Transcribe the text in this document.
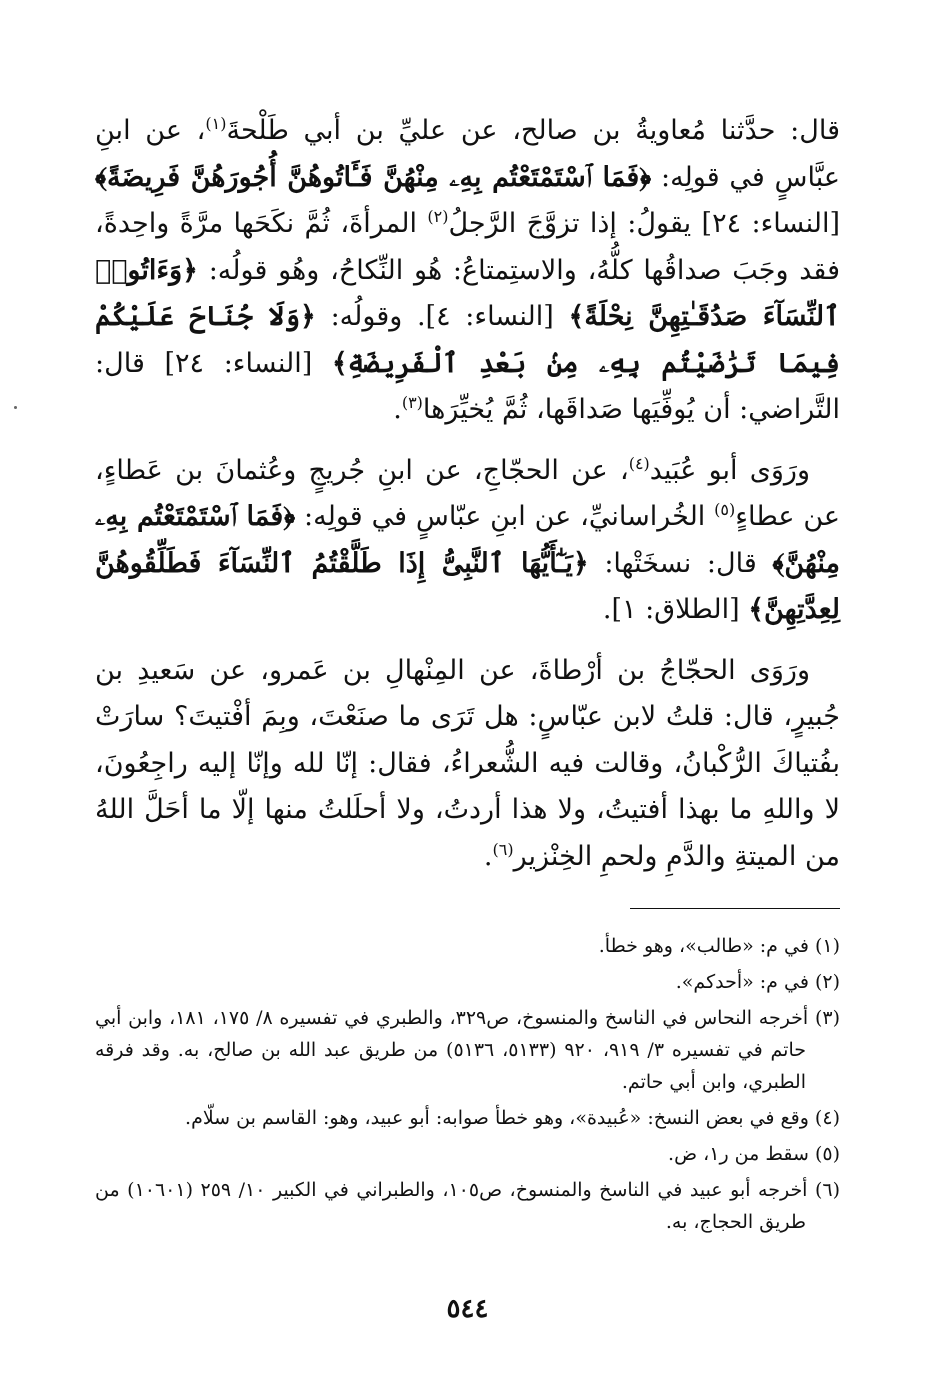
قال: حدَّثنا مُعاويةُ بن صالح، عن عليِّ بن أبي طَلْحةَ$^{(١)}$، عن ابنِ عبَّاسٍ في قولِه: ﴿فَمَا ٱسْتَمْتَعْتُم بِهِۦ مِنْهُنَّ فَـَٔاتُوهُنَّ أُجُورَهُنَّ فَرِيضَةً﴾ [النساء: ٢٤] يقولُ: إذا تزوَّجَ الرَّجلُ$^{(٢)}$ المرأةَ، ثُمَّ نكَحَها مرَّةً واحِدةً، فقد وجَبَ صداقُها كلُّهُ، والاستِمتاعُ: هُو النِّكاحُ، وهُو قولُه: ﴿وَءَاتُوا۟ ٱلنِّسَآءَ صَدُقَـٰتِهِنَّ نِحْلَةً﴾ [النساء: ٤]. وقولُه: ﴿وَلَا جُنَاحَ عَلَيْكُمْ فِيمَا تَرَٰضَيْتُم بِهِۦ مِنۢ بَعْدِ ٱلْفَرِيضَةِ﴾ [النساء: ٢٤] قال: التَّراضي: أن يُوفِّيَها صَداقَها، ثُمَّ يُخيِّرَها$^{(٣)}$.

ورَوَى أبو عُبَيد$^{(٤)}$، عن الحجّاجِ، عن ابنِ جُريجٍ وعُثمانَ بن عَطاءٍ، عن عطاءٍ$^{(٥)}$ الخُراسانيِّ، عن ابنِ عبّاسٍ في قولِه: ﴿فَمَا ٱسْتَمْتَعْتُم بِهِۦ مِنْهُنَّ﴾ قال: نسخَتْها: ﴿يَـٰٓأَيُّهَا ٱلنَّبِىُّ إِذَا طَلَّقْتُمُ ٱلنِّسَآءَ فَطَلِّقُوهُنَّ لِعِدَّتِهِنَّ﴾ [الطلاق: ١].

ورَوَى الحجّاجُ بن أرْطاةَ، عن المِنْهالِ بن عَمرو، عن سَعيدِ بن جُبيرٍ، قال: قلتُ لابن عبّاسٍ: هل تَرَى ما صنَعْتَ، وبِمَ أفْتيتَ؟ سارَتْ بفُتياكَ الرُّكْبانُ، وقالت فيه الشُّعراءُ، فقال: إنّا لله وإنّا إليه راجِعُونَ، لا واللهِ ما بهذا أفتيتُ، ولا هذا أردتُ، ولا أحلَلتُ منها إلّا ما أحَلَّ اللهُ من الميتةِ والدَّمِ ولحمِ الخِنْزير$^{(٦)}$.

(١) في م: «طالب»، وهو خطأ.

(٢) في م: «أحدكم».

(٣) أخرجه النحاس في الناسخ والمنسوخ، ص٣٢٩، والطبري في تفسيره ٨/ ١٧٥، ١٨١، وابن أبي حاتم في تفسيره ٣/ ٩١٩، ٩٢٠ (٥١٣٣، ٥١٣٦) من طريق عبد الله بن صالح، به. وقد فرقه الطبري، وابن أبي حاتم.

(٤) وقع في بعض النسخ: «عُبيدة»، وهو خطأ صوابه: أبو عبيد، وهو: القاسم بن سلّام.

(٥) سقط من ر١، ض.

(٦) أخرجه أبو عبيد في الناسخ والمنسوخ، ص١٠٥، والطبراني في الكبير ١٠/ ٢٥٩ (١٠٦٠١) من طريق الحجاج، به.

٥٤٤
